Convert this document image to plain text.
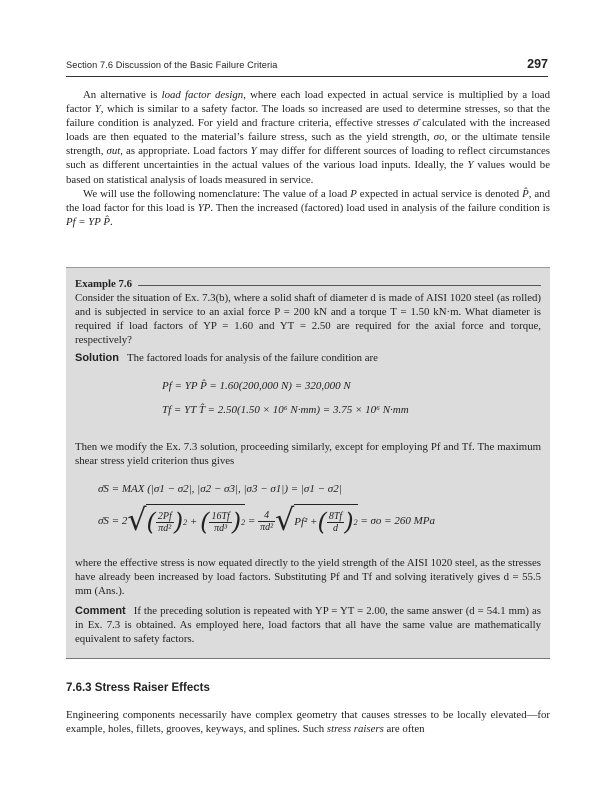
Section 7.6 Discussion of the Basic Failure Criteria	297

An alternative is load factor design, where each load expected in actual service is multiplied by a load factor Y, which is similar to a safety factor. The loads so increased are used to determine stresses, so that the failure condition is analyzed. For yield and fracture criteria, effective stresses σ̄ calculated with the increased loads are then equated to the material’s failure stress, such as the yield strength, σo, or the ultimate tensile strength, σut, as appropriate. Load factors Y may differ for different sources of loading to reflect circumstances such as different uncertainties in the actual values of the various load inputs. Ideally, the Y values would be based on statistical analysis of loads measured in service.

We will use the following nomenclature: The value of a load P expected in actual service is denoted P̂, and the load factor for this load is YP. Then the increased (factored) load used in analysis of the failure condition is Pf = YP P̂.

Example 7.6

Consider the situation of Ex. 7.3(b), where a solid shaft of diameter d is made of AISI 1020 steel (as rolled) and is subjected in service to an axial force P = 200 kN and a torque T = 1.50 kN·m. What diameter is required if load factors of YP = 1.60 and YT = 2.50 are required for the axial force and torque, respectively?

Solution The factored loads for analysis of the failure condition are

Pf = YP P̂ = 1.60(200,000 N) = 320,000 N
Tf = YT T̂ = 2.50(1.50 × 10⁶ N·mm) = 3.75 × 10⁶ N·mm

Then we modify the Ex. 7.3 solution, proceeding similarly, except for employing Pf and Tf. The maximum shear stress yield criterion thus gives

σ̄S = MAX (|σ1 − σ2|, |σ2 − σ3|, |σ3 − σ1|) = |σ1 − σ2|
σ̄S = 2 √ ( $\frac{2Pf}{\text{πd²}}$ ) 2 + ( $\frac{16Tf}{\text{πd³}}$ ) $2 = \frac{4}{\text{πd²}}$ √ Pf² + ( $\frac{8Tf}{d}$ ) 2
= σo = 260 MPa

where the effective stress is now equated directly to the yield strength of the AISI 1020 steel, as the stresses have already been increased by load factors. Substituting Pf and Tf and solving iteratively gives d = 55.5 mm (Ans.).

Comment If the preceding solution is repeated with YP = YT = 2.00, the same answer (d = 54.1 mm) as in Ex. 7.3 is obtained. As employed here, load factors that all have the same value are mathematically equivalent to safety factors.

7.6.3 Stress Raiser Effects

Engineering components necessarily have complex geometry that causes stresses to be locally elevated—for example, holes, fillets, grooves, keyways, and splines. Such stress raisers are often
